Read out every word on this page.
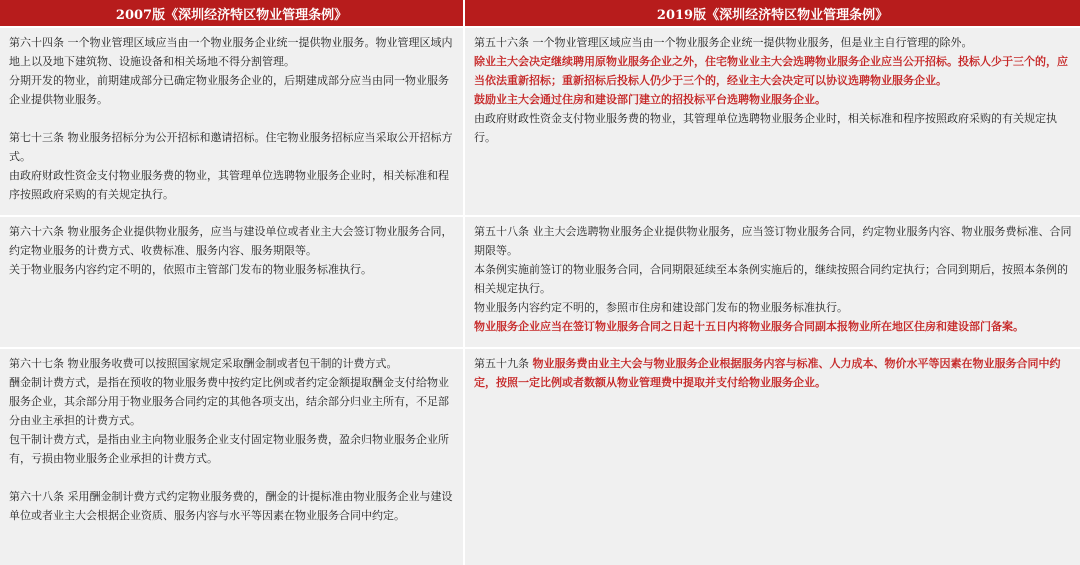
2007版《深圳经济特区物业管理条例》	2019版《深圳经济特区物业管理条例》

第六十四条 一个物业管理区域应当由一个物业服务企业统一提供物业服务。物业管理区域内地上以及地下建筑物、设施设备和相关场地不得分割管理。

分期开发的物业，前期建成部分已确定物业服务企业的，后期建成部分应当由同一物业服务企业提供物业服务。

第七十三条 物业服务招标分为公开招标和邀请招标。住宅物业服务招标应当采取公开招标方式。

由政府财政性资金支付物业服务费的物业，其管理单位选聘物业服务企业时，相关标准和程序按照政府采购的有关规定执行。

第五十六条 一个物业管理区域应当由一个物业服务企业统一提供物业服务，但是业主自行管理的除外。

除业主大会决定继续聘用原物业服务企业之外，住宅物业业主大会选聘物业服务企业应当公开招标。投标人少于三个的，应当依法重新招标；重新招标后投标人仍少于三个的，经业主大会决定可以协议选聘物业服务企业。

鼓励业主大会通过住房和建设部门建立的招投标平台选聘物业服务企业。

由政府财政性资金支付物业服务费的物业，其管理单位选聘物业服务企业时，相关标准和程序按照政府采购的有关规定执行。

第六十六条 物业服务企业提供物业服务，应当与建设单位或者业主大会签订物业服务合同，约定物业服务的计费方式、收费标准、服务内容、服务期限等。

关于物业服务内容约定不明的，依照市主管部门发布的物业服务标准执行。

第五十八条 业主大会选聘物业服务企业提供物业服务，应当签订物业服务合同，约定物业服务内容、物业服务费标准、合同期限等。

本条例实施前签订的物业服务合同，合同期限延续至本条例实施后的，继续按照合同约定执行；合同到期后，按照本条例的相关规定执行。

物业服务内容约定不明的，参照市住房和建设部门发布的物业服务标准执行。

物业服务企业应当在签订物业服务合同之日起十五日内将物业服务合同副本报物业所在地区住房和建设部门备案。

第六十七条 物业服务收费可以按照国家规定采取酬金制或者包干制的计费方式。

酬金制计费方式，是指在预收的物业服务费中按约定比例或者约定金额提取酬金支付给物业服务企业，其余部分用于物业服务合同约定的其他各项支出，结余部分归业主所有，不足部分由业主承担的计费方式。

包干制计费方式，是指由业主向物业服务企业支付固定物业服务费，盈余归物业服务企业所有，亏损由物业服务企业承担的计费方式。

第六十八条 采用酬金制计费方式约定物业服务费的，酬金的计提标准由物业服务企业与建设单位或者业主大会根据企业资质、服务内容与水平等因素在物业服务合同中约定。

第五十九条 物业服务费由业主大会与物业服务企业根据服务内容与标准、人力成本、物价水平等因素在物业服务合同中约定，按照一定比例或者数额从物业管理费中提取并支付给物业服务企业。
